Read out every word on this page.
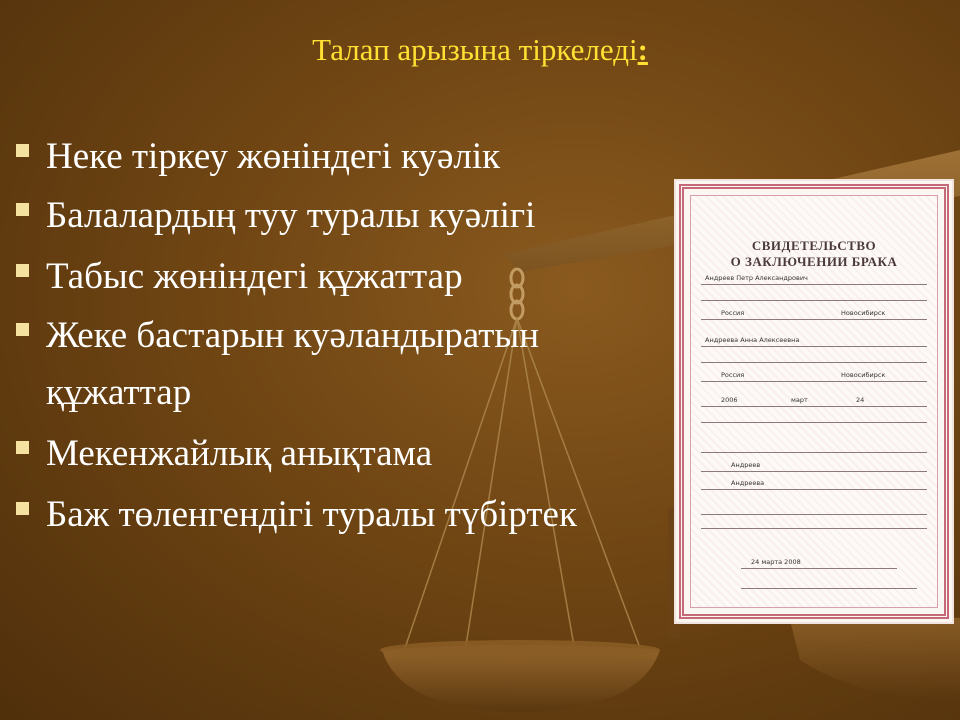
Талап арызына тіркеледі:
Неке тіркеу жөніндегі куәлік
Балалардың туу туралы куәлігі
Табыс жөніндегі құжаттар
Жеке бастарын куәландыратын құжаттар
Мекенжайлық анықтама
Баж төленгендігі туралы түбіртек
СВИДЕТЕЛЬСТВО
О ЗАКЛЮЧЕНИИ БРАКА
Андреев Петр Александрович
Россия	Новосибирск
Андреева Анна Алексеевна
Россия	Новосибирск
2006	март	24
Андреев
Андреева
24 марта 2008
